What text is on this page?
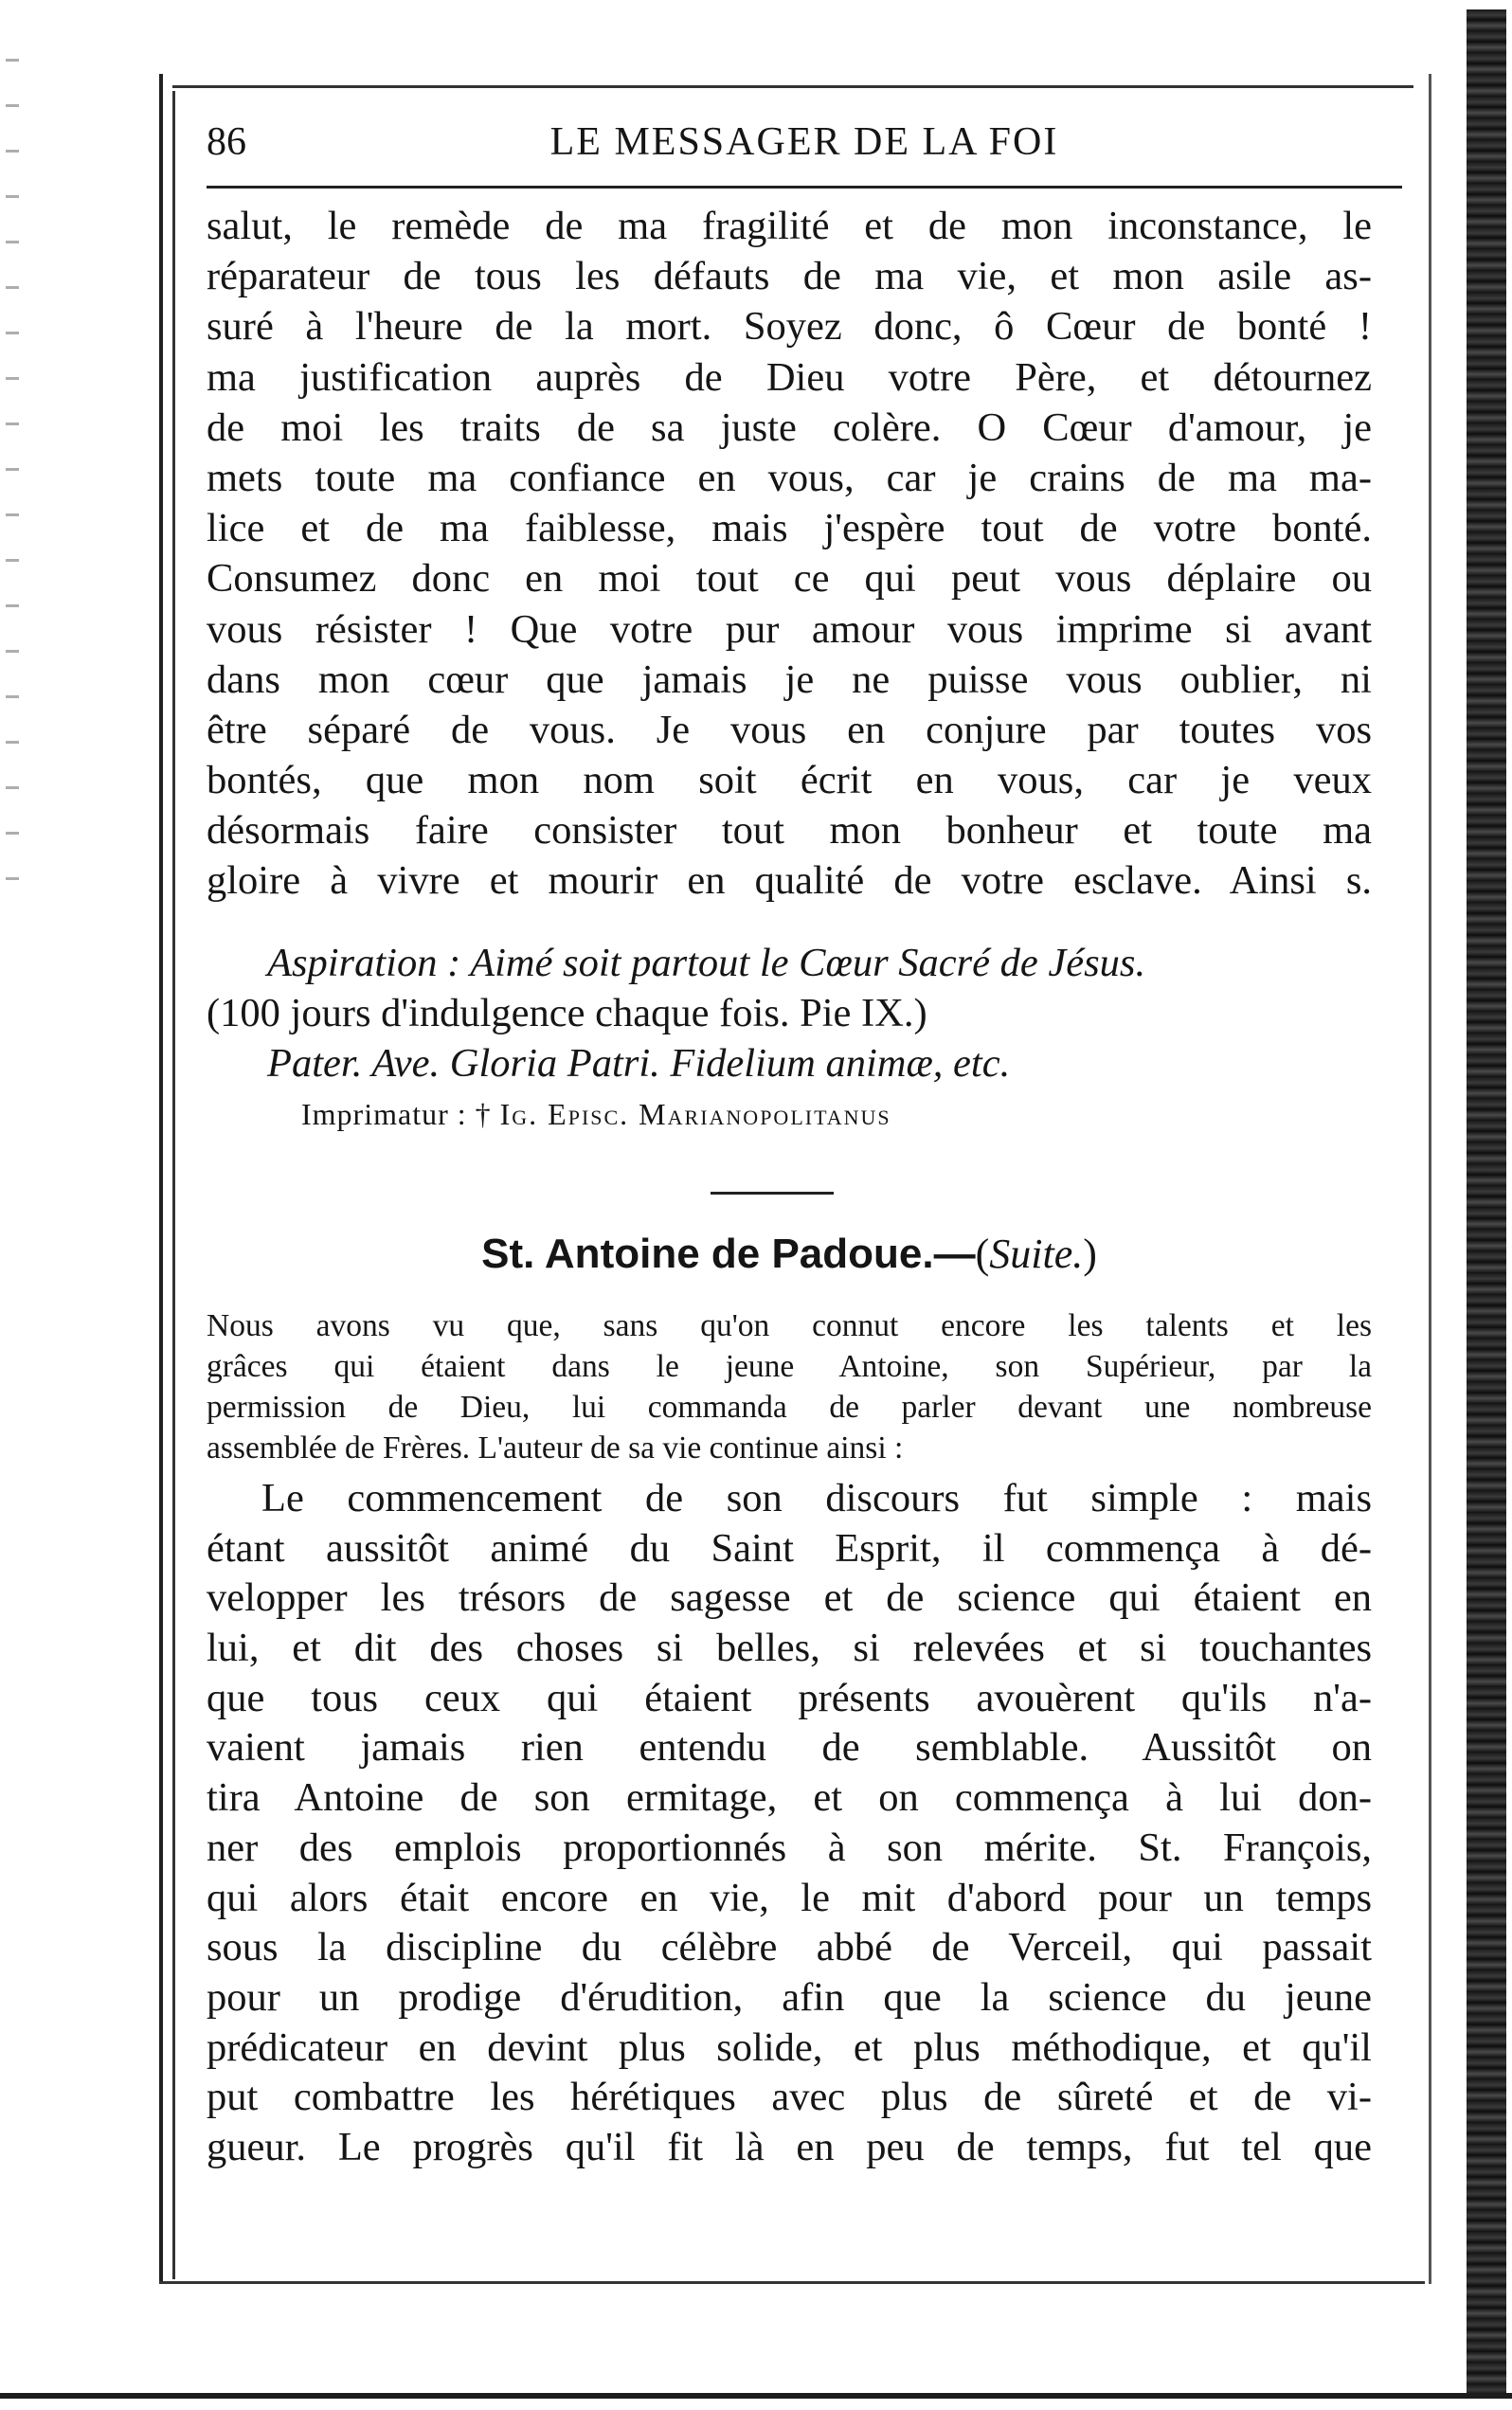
86	LE MESSAGER DE LA FOI
salut, le remède de ma fragilité et de mon inconstance, le
réparateur de tous les défauts de ma vie, et mon asile as-
suré à l'heure de la mort. Soyez donc, ô Cœur de bonté !
ma justification auprès de Dieu votre Père, et détournez
de moi les traits de sa juste colère. O Cœur d'amour, je
mets toute ma confiance en vous, car je crains de ma ma-
lice et de ma faiblesse, mais j'espère tout de votre bonté.
Consumez donc en moi tout ce qui peut vous déplaire ou
vous résister ! Que votre pur amour vous imprime si avant
dans mon cœur que jamais je ne puisse vous oublier, ni
être séparé de vous. Je vous en conjure par toutes vos
bontés, que mon nom soit écrit en vous, car je veux
désormais faire consister tout mon bonheur et toute ma
gloire à vivre et mourir en qualité de votre esclave. Ainsi s.
Aspiration : Aimé soit partout le Cœur Sacré de Jésus.
(100 jours d'indulgence chaque fois. Pie IX.)
Pater. Ave. Gloria Patri. Fidelium animæ, etc.
Imprimatur : † Ig. Episc. Marianopolitanus
St. Antoine de Padoue.—(Suite.)
Nous avons vu que, sans qu'on connut encore les talents et les
grâces qui étaient dans le jeune Antoine, son Supérieur, par la
permission de Dieu, lui commanda de parler devant une nombreuse
assemblée de Frères. L'auteur de sa vie continue ainsi :
Le commencement de son discours fut simple : mais
étant aussitôt animé du Saint Esprit, il commença à dé-
velopper les trésors de sagesse et de science qui étaient en
lui, et dit des choses si belles, si relevées et si touchantes
que tous ceux qui étaient présents avouèrent qu'ils n'a-
vaient jamais rien entendu de semblable. Aussitôt on
tira Antoine de son ermitage, et on commença à lui don-
ner des emplois proportionnés à son mérite. St. François,
qui alors était encore en vie, le mit d'abord pour un temps
sous la discipline du célèbre abbé de Verceil, qui passait
pour un prodige d'érudition, afin que la science du jeune
prédicateur en devint plus solide, et plus méthodique, et qu'il
put combattre les hérétiques avec plus de sûreté et de vi-
gueur. Le progrès qu'il fit là en peu de temps, fut tel que
